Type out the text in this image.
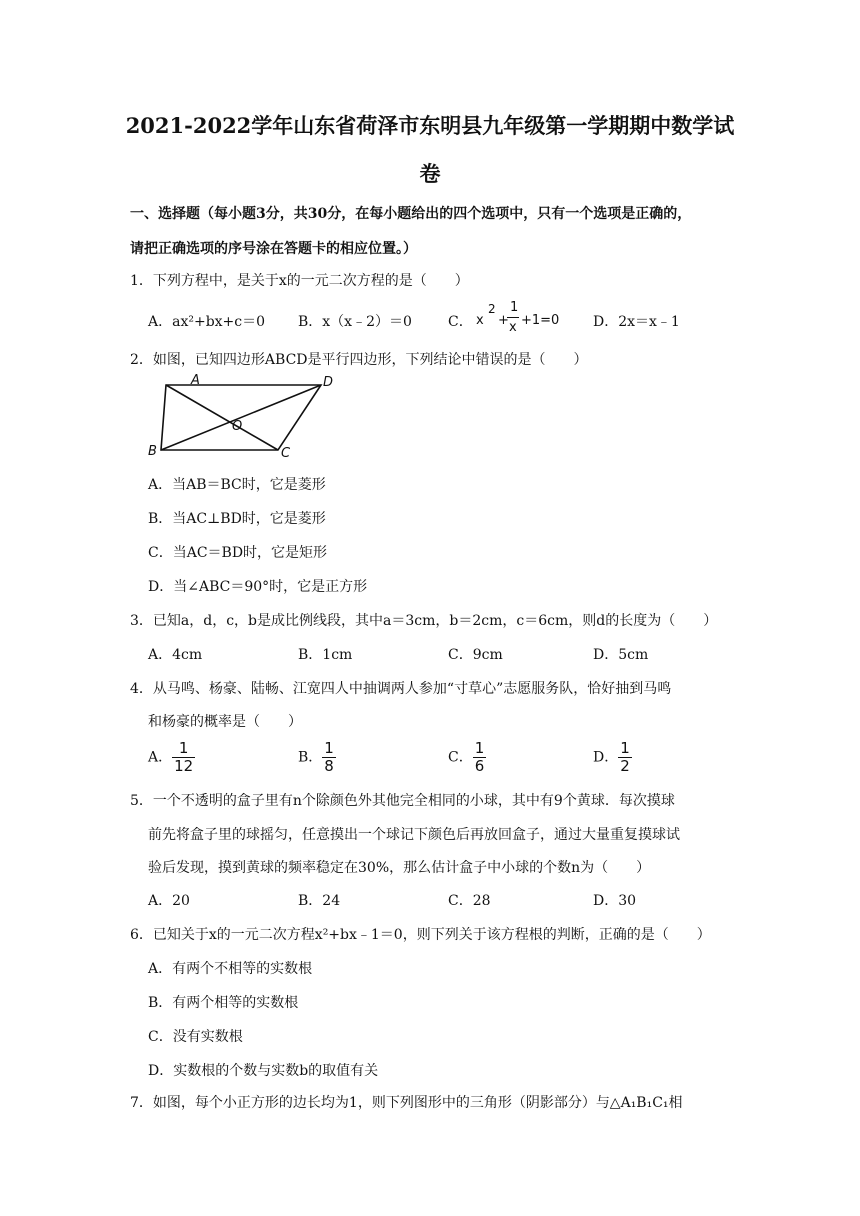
2021-2022学年山东省荷泽市东明县九年级第一学期期中数学试
卷
一、选择题（每小题3分，共30分，在每小题给出的四个选项中，只有一个选项是正确的，
请把正确选项的序号涂在答题卡的相应位置。）
1．下列方程中，是关于x的一元二次方程的是（　　）
A．ax²+bx+c＝0 B．x（x﹣2）＝0	C． x
2
+
1
x +1=0 D．2x＝x﹣1
2．如图，已知四边形ABCD是平行四边形，下列结论中错误的是（　　）
A	D
B	C
O
A．当AB＝BC时，它是菱形
B．当AC⊥BD时，它是菱形
C．当AC＝BD时，它是矩形
D．当∠ABC＝90°时，它是正方形
3．已知a，d，c，b是成比例线段，其中a＝3cm，b＝2cm，c＝6cm，则d的长度为（　　）
A．4cm	B．1cm	C．9cm	D．5cm
4．从马鸣、杨豪、陆畅、江宽四人中抽调两人参加“寸草心”志愿服务队，恰好抽到马鸣
和杨豪的概率是（　　）
A． $\frac{1}{12}$	B． $\frac{1}{8}$	C． $\frac{1}{6}$	D． $\frac{1}{2}$
5．一个不透明的盒子里有n个除颜色外其他完全相同的小球，其中有9个黄球．每次摸球
前先将盒子里的球摇匀，任意摸出一个球记下颜色后再放回盒子，通过大量重复摸球试
验后发现，摸到黄球的频率稳定在30%，那么估计盒子中小球的个数n为（　　）
A．20	B．24	C．28	D．30
6．已知关于x的一元二次方程x²+bx﹣1＝0，则下列关于该方程根的判断，正确的是（　　）
A．有两个不相等的实数根
B．有两个相等的实数根
C．没有实数根
D．实数根的个数与实数b的取值有关
7．如图，每个小正方形的边长均为1，则下列图形中的三角形（阴影部分）与△A₁B₁C₁相
